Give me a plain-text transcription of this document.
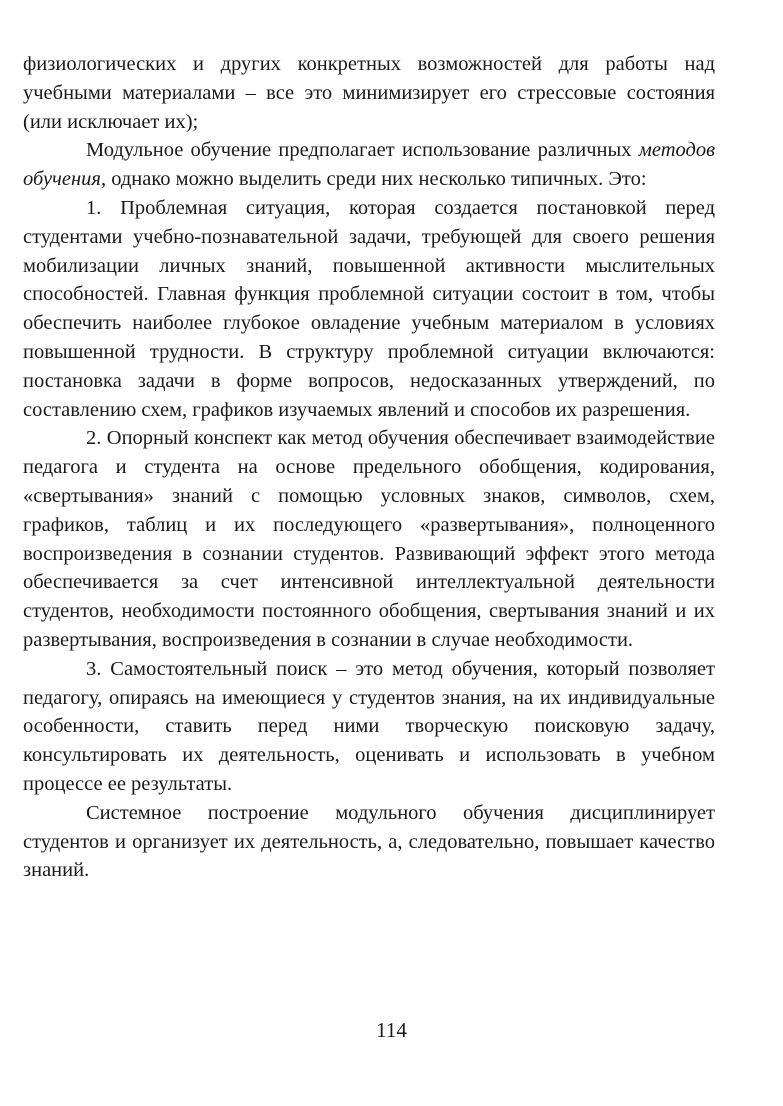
физиологических и других конкретных возможностей для работы над учебными материалами – все это минимизирует его стрессовые состояния (или исключает их);

Модульное обучение предполагает использование различных методов обучения, однако можно выделить среди них несколько типичных. Это:

1. Проблемная ситуация, которая создается постановкой перед студентами учебно-познавательной задачи, требующей для своего решения мобилизации личных знаний, повышенной активности мыслительных способностей. Главная функция проблемной ситуации состоит в том, чтобы обеспечить наиболее глубокое овладение учебным материалом в условиях повышенной трудности. В структуру проблемной ситуации включаются: постановка задачи в форме вопросов, недосказанных утверждений, по составлению схем, графиков изучаемых явлений и способов их разрешения.

2. Опорный конспект как метод обучения обеспечивает взаимодействие педагога и студента на основе предельного обобщения, кодирования, «свертывания» знаний с помощью условных знаков, символов, схем, графиков, таблиц и их последующего «развертывания», полноценного воспроизведения в сознании студентов. Развивающий эффект этого метода обеспечивается за счет интенсивной интеллектуальной деятельности студентов, необходимости постоянного обобщения, свертывания знаний и их развертывания, воспроизведения в сознании в случае необходимости.

3. Самостоятельный поиск – это метод обучения, который позволяет педагогу, опираясь на имеющиеся у студентов знания, на их индивидуальные особенности, ставить перед ними творческую поисковую задачу, консультировать их деятельность, оценивать и использовать в учебном процессе ее результаты.

Системное построение модульного обучения дисциплинирует студентов и организует их деятельность, а, следовательно, повышает качество знаний.

114
